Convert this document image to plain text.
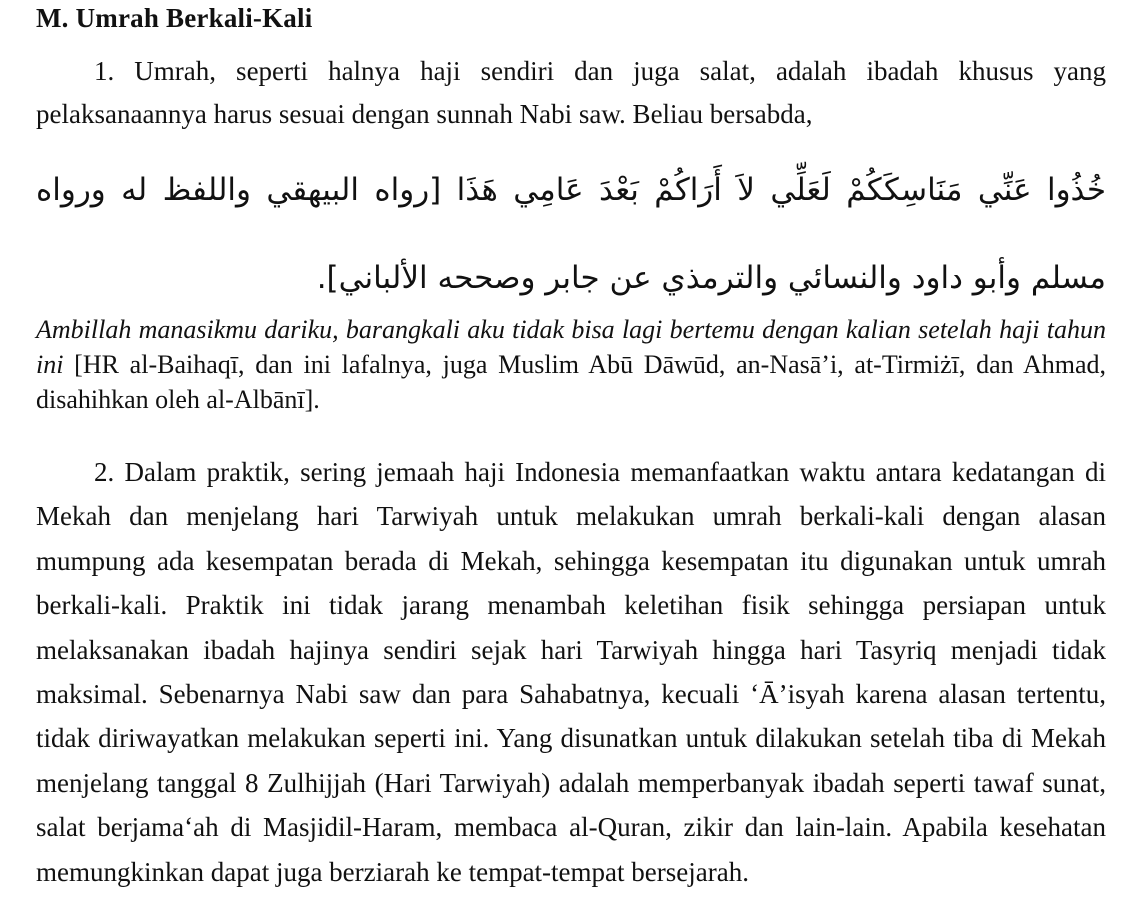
M. Umrah Berkali-Kali

1. Umrah, seperti halnya haji sendiri dan juga salat, adalah ibadah khusus yang pelaksanaannya harus sesuai dengan sunnah Nabi saw. Beliau bersabda,

خُذُوا عَنِّي مَنَاسِكَكُمْ لَعَلِّي لاَ أَرَاكُمْ بَعْدَ عَامِي هَذَا [رواه البيهقي واللفظ له ورواه مسلم وأبو داود والنسائي والترمذي عن جابر وصححه الألباني].

Ambillah manasikmu dariku, barangkali aku tidak bisa lagi bertemu dengan kalian setelah haji tahun ini [HR al-Baihaqī, dan ini lafalnya, juga Muslim Abū Dāwūd, an-Nasā’i, at-Tirmiżī, dan Ahmad, disahihkan oleh al-Albānī].

2. Dalam praktik, sering jemaah haji Indonesia memanfaatkan waktu antara kedatangan di Mekah dan menjelang hari Tarwiyah untuk melakukan umrah berkali-kali dengan alasan mumpung ada kesempatan berada di Mekah, sehingga kesempatan itu digunakan untuk umrah berkali-kali. Praktik ini tidak jarang menambah keletihan fisik sehingga persiapan untuk melaksanakan ibadah hajinya sendiri sejak hari Tarwiyah hingga hari Tasyriq menjadi tidak maksimal. Sebenarnya Nabi saw dan para Sahabatnya, kecuali ‘Ā’isyah karena alasan tertentu, tidak diriwayatkan melakukan seperti ini. Yang disunatkan untuk dilakukan setelah tiba di Mekah menjelang tanggal 8 Zulhijjah (Hari Tarwiyah) adalah memperbanyak ibadah seperti tawaf sunat, salat berjama‘ah di Masjidil-Haram, membaca al-Quran, zikir dan lain-lain. Apabila kesehatan memungkinkan dapat juga berziarah ke tempat-tempat bersejarah.
